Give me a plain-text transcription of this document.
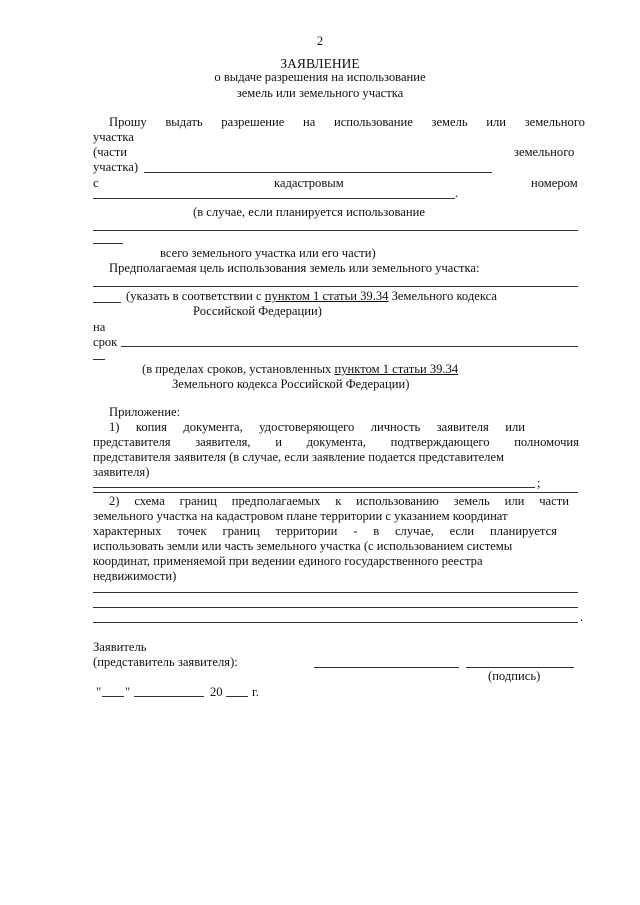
2
ЗАЯВЛЕНИЕ
о выдаче разрешения на использование
земель или земельного участка
Прошу выдать разрешение на использование земель или земельного
участка
(части	земельного
участка)
с	кадастровым	номером
.
(в случае, если планируется использование
всего земельного участка или его части)
Предполагаемая цель использования земель или земельного участка:
(указать в соответствии с пунктом 1 статьи 39.34 Земельного кодекса
Российской Федерации)
на
срок
(в пределах сроков, установленных пунктом 1 статьи 39.34
Земельного кодекса Российской Федерации)
Приложение:
1) копия документа, удостоверяющего личность заявителя или
представителя заявителя, и документа, подтверждающего полномочия
представителя заявителя (в случае, если заявление подается представителем
заявителя)
;
2) схема границ предполагаемых к использованию земель или части
земельного участка на кадастровом плане территории с указанием координат
характерных точек границ территории - в случае, если планируется
использовать земли или часть земельного участка (с использованием системы
координат, применяемой при ведении единого государственного реестра
недвижимости)
.
Заявитель
(представитель заявителя):
(подпись)
" "	20 г.
